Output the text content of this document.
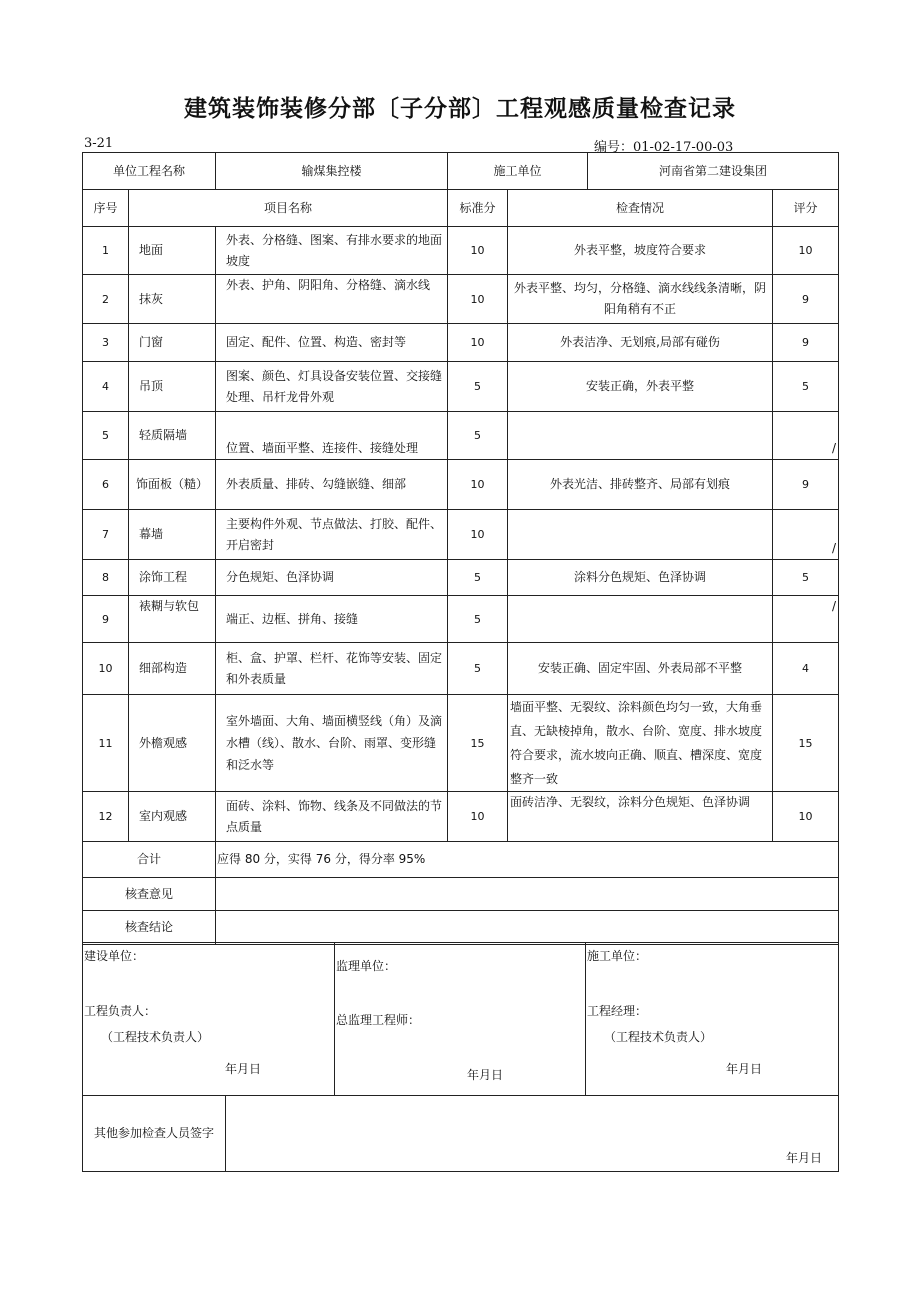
建筑装饰装修分部〔子分部〕工程观感质量检查记录
3-21	编号：01-02-17-00-03
单位工程名称		输煤集控楼	施工单位		河南省第二建设集团	
序号	项目名称		标准分	检查情况		评分
1	地面	外表、分格缝、图案、有排水要求的地面坡度	10	外表平整，坡度符合要求		10
2	抹灰	外表、护角、阴阳角、分格缝、滴水线	10	外表平整、均匀，分格缝、滴水线线条清晰，阴阳角稍有不正		9
3	门窗	固定、配件、位置、构造、密封等	10	外表洁净、无划痕,局部有碰伤		9
4	吊顶	图案、颜色、灯具设备安装位置、交接缝处理、吊杆龙骨外观	5	安装正确，外表平整		5
5	轻质隔墙	位置、墙面平整、连接件、接缝处理	5			/

6	饰面板（糙）	外表质量、排砖、勾缝嵌缝、细部	10	外表光洁、排砖整齐、局部有划痕		9
7	幕墙	主要构件外观、节点做法、打胶、配件、开启密封	10			/

8	涂饰工程	分色规矩、色泽协调	5	涂料分色规矩、色泽协调		5
9	裱糊与软包	端正、边框、拼角、接缝	5			/

10	细部构造	柜、盒、护罩、栏杆、花饰等安装、固定和外表质量	5	安装正确、固定牢固、外表局部不平整		4
11	外檐观感	室外墙面、大角、墙面横竖线（角）及滴水槽（线）、散水、台阶、雨罩、变形缝和泛水等	15	墙面平整、无裂纹、涂料颜色均匀一致，大角垂直、无缺棱掉角，散水、台阶、宽度、排水坡度符合要求，流水坡向正确、顺直、槽深度、宽度整齐一致		15
12	室内观感	面砖、涂料、饰物、线条及不同做法的节点质量	10	面砖洁净、无裂纹，涂料分色规矩、色泽协调		10
合计		应得 80 分，实得 76 分，得分率 95%				
核查意见						
核查结论						
建设单位：
工程负责人：
（工程技术负责人）
年月日

监理单位：
总监理工程师：
年月日

施工单位：
工程经理：
（工程技术负责人）
年月日
其他参加检查人员签字	
年月日
